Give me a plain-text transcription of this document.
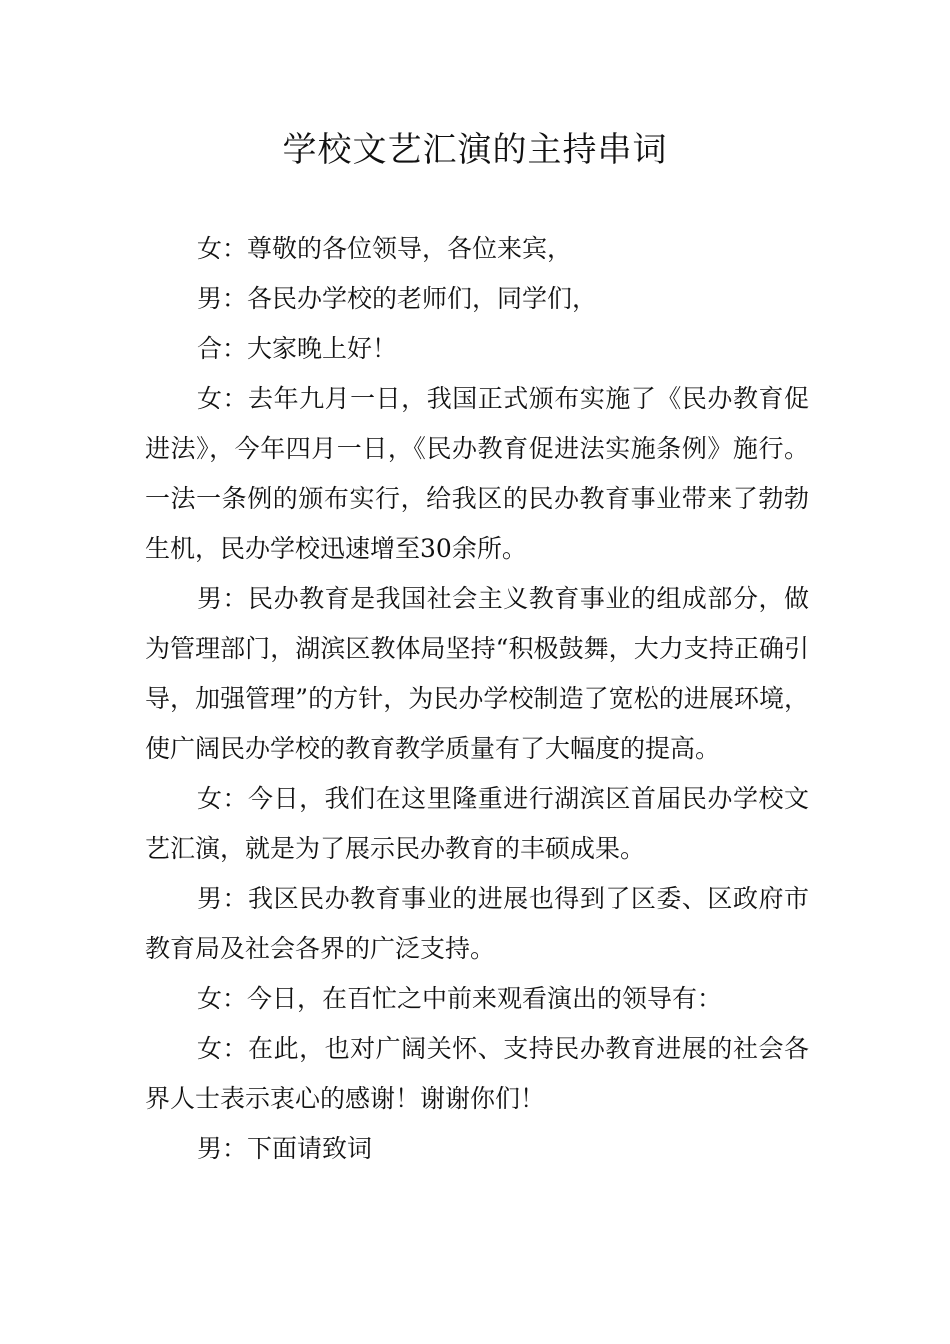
学校文艺汇演的主持串词

女：尊敬的各位领导，各位来宾，

男：各民办学校的老师们，同学们，

合：大家晚上好！

女：去年九月一日，我国正式颁布实施了《民办教育促进法》，今年四月一日，《民办教育促进法实施条例》施行。一法一条例的颁布实行，给我区的民办教育事业带来了勃勃生机，民办学校迅速增至30余所。

男：民办教育是我国社会主义教育事业的组成部分，做为管理部门，湖滨区教体局坚持“积极鼓舞，大力支持正确引导，加强管理”的方针，为民办学校制造了宽松的进展环境，使广阔民办学校的教育教学质量有了大幅度的提高。

女：今日，我们在这里隆重进行湖滨区首届民办学校文艺汇演，就是为了展示民办教育的丰硕成果。

男：我区民办教育事业的进展也得到了区委、区政府市教育局及社会各界的广泛支持。

女：今日，在百忙之中前来观看演出的领导有：

女：在此，也对广阔关怀、支持民办教育进展的社会各界人士表示衷心的感谢！谢谢你们！

男：下面请致词
